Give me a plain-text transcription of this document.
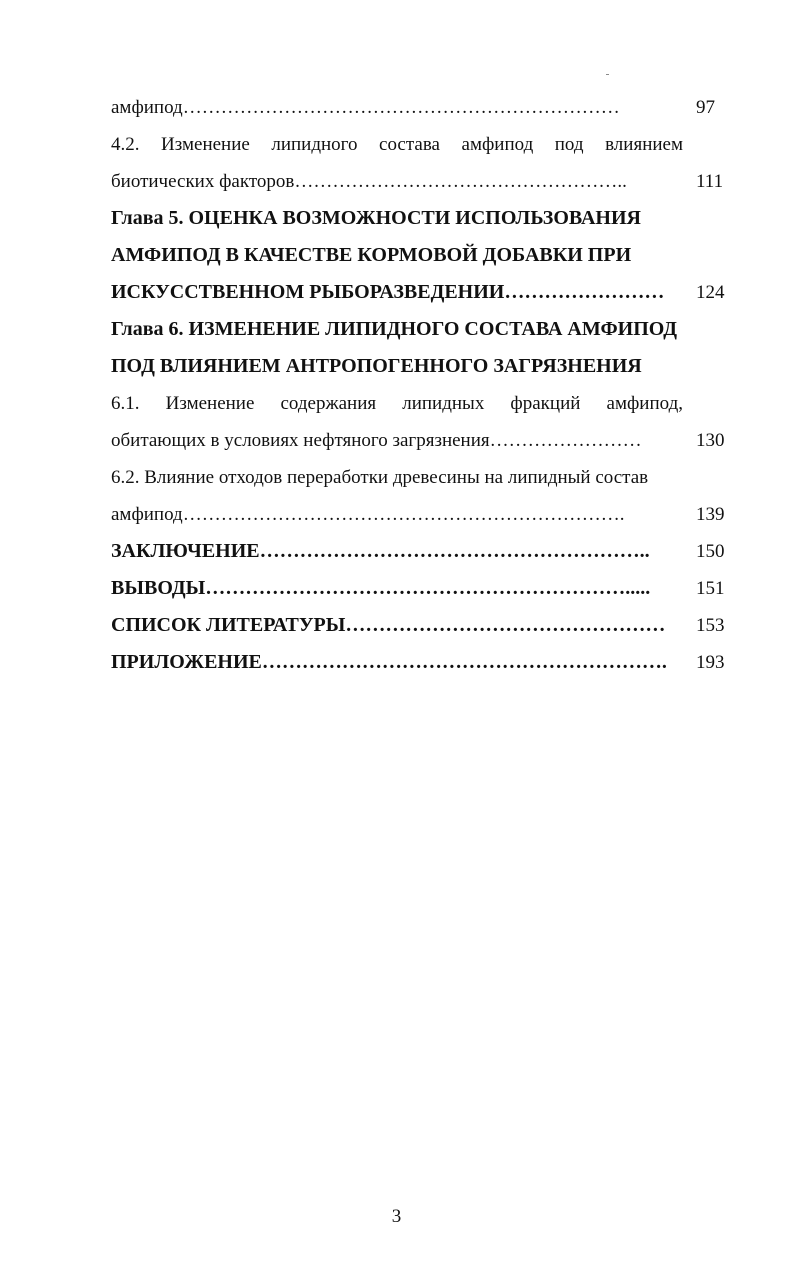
амфипод……………………………………………………………	97
4.2. Изменение липидного состава амфипод под влиянием
биотических факторов……………………………………………..	111
Глава 5. ОЦЕНКА ВОЗМОЖНОСТИ ИСПОЛЬЗОВАНИЯ
АМФИПОД В КАЧЕСТВЕ КОРМОВОЙ ДОБАВКИ ПРИ
ИСКУССТВЕННОМ РЫБОРАЗВЕДЕНИИ……………………	124
Глава 6. ИЗМЕНЕНИЕ ЛИПИДНОГО СОСТАВА АМФИПОД
ПОД ВЛИЯНИЕМ АНТРОПОГЕННОГО ЗАГРЯЗНЕНИЯ
6.1. Изменение содержания липидных фракций амфипод,
обитающих в условиях нефтяного загрязнения……………………	130
6.2. Влияние отходов переработки древесины на липидный состав
амфипод…………………………………………………………….	139
ЗАКЛЮЧЕНИЕ…………………………………………………..	150
ВЫВОДЫ……………………………………………………….....	151
СПИСОК ЛИТЕРАТУРЫ…………………………………………	153
ПРИЛОЖЕНИЕ…………………………………………………….	193
3
